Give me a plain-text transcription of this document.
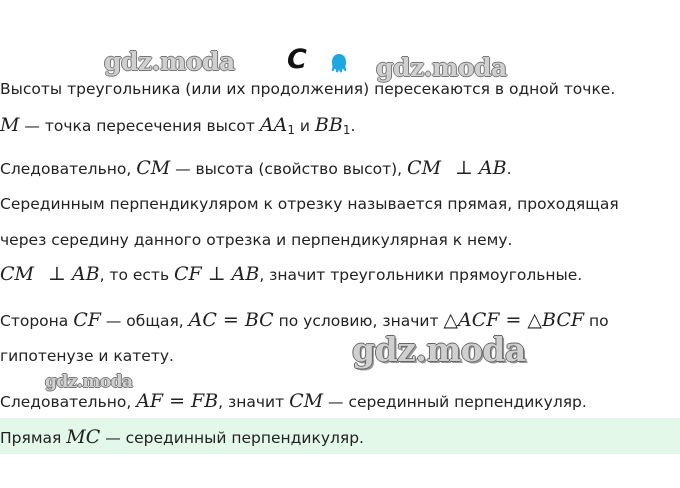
gdz.moda	gdz.moda
gdz.moda
gdz.moda
C
Высоты треугольника (или их продолжения) пересекаются в одной точке.
M — точка пересечения высот $AA_1$ и $BB_1$.
Следовательно, CM — высота (свойство высот), CM ⊥ AB.
Серединным перпендикуляром к отрезку называется прямая, проходящая
через середину данного отрезка и перпендикулярная к нему.
CM ⊥ AB, то есть CF ⊥ AB, значит треугольники прямоугольные.
Сторона CF — общая, AC = BC по условию, значит △ACF = △BCF по
гипотенузе и катету.
Следовательно, AF = FB, значит CM — серединный перпендикуляр.
Прямая MC — серединный перпендикуляр.
